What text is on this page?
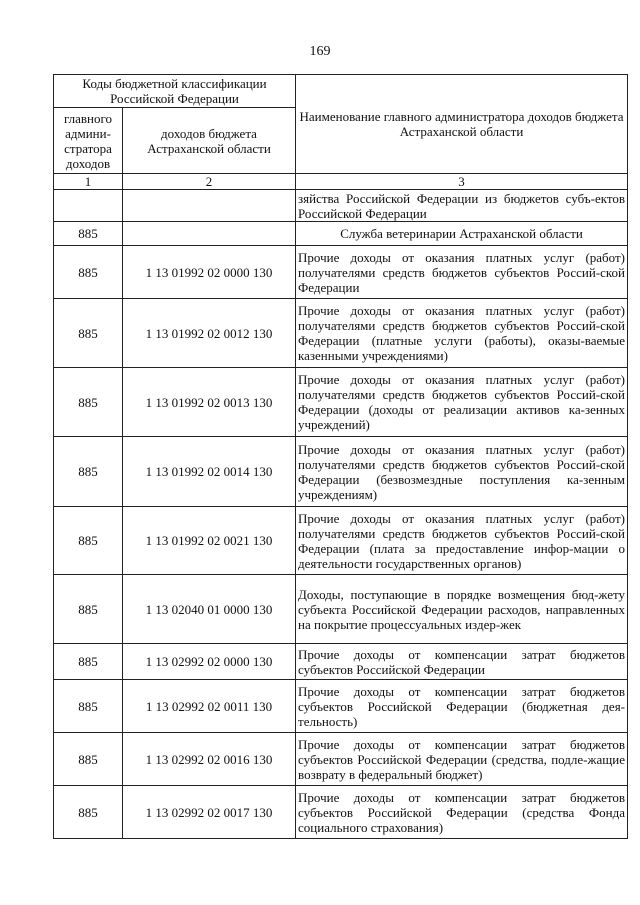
169
Коды бюджетной классификации Российской Федерации		Наименование главного администратора доходов бюджета Астраханской области
главного админи-стратора доходов	доходов бюджета Астраханской области	
1	2	3
		зяйства Российской Федерации из бюджетов субъ-ектов Российской Федерации
885		Служба ветеринарии Астраханской области
885	1 13 01992 02 0000 130	Прочие доходы от оказания платных услуг (работ) получателями средств бюджетов субъектов Россий-ской Федерации
885	1 13 01992 02 0012 130	Прочие доходы от оказания платных услуг (работ) получателями средств бюджетов субъектов Россий-ской Федерации (платные услуги (работы), оказы-ваемые казенными учреждениями)
885	1 13 01992 02 0013 130	Прочие доходы от оказания платных услуг (работ) получателями средств бюджетов субъектов Россий-ской Федерации (доходы от реализации активов ка-зенных учреждений)
885	1 13 01992 02 0014 130	Прочие доходы от оказания платных услуг (работ) получателями средств бюджетов субъектов Россий-ской Федерации (безвозмездные поступления ка-зенным учреждениям)
885	1 13 01992 02 0021 130	Прочие доходы от оказания платных услуг (работ) получателями средств бюджетов субъектов Россий-ской Федерации (плата за предоставление инфор-мации о деятельности государственных органов)
885	1 13 02040 01 0000 130	Доходы, поступающие в порядке возмещения бюд-жету субъекта Российской Федерации расходов, направленных на покрытие процессуальных издер-жек
885	1 13 02992 02 0000 130	Прочие доходы от компенсации затрат бюджетов субъектов Российской Федерации
885	1 13 02992 02 0011 130	Прочие доходы от компенсации затрат бюджетов субъектов Российской Федерации (бюджетная дея-тельность)
885	1 13 02992 02 0016 130	Прочие доходы от компенсации затрат бюджетов субъектов Российской Федерации (средства, подле-жащие возврату в федеральный бюджет)
885	1 13 02992 02 0017 130	Прочие доходы от компенсации затрат бюджетов субъектов Российской Федерации (средства Фонда социального страхования)
